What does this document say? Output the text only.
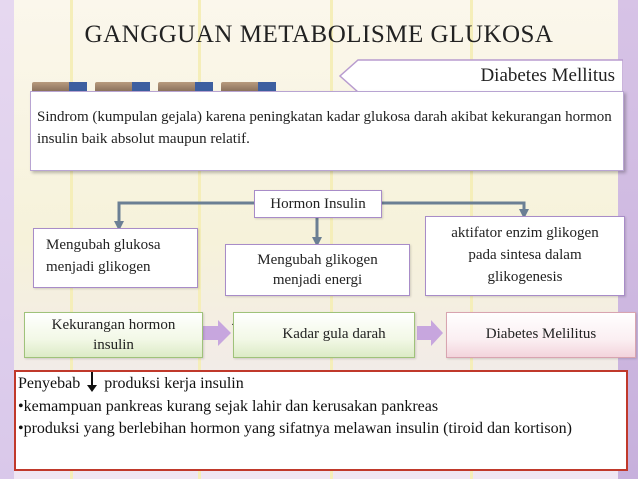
GANGGUAN METABOLISME GLUKOSA
Diabetes Mellitus
Sindrom (kumpulan gejala) karena peningkatan kadar glukosa darah akibat kekurangan hormon insulin baik absolut maupun relatif.
Hormon Insulin
Mengubah glukosa menjadi glikogen	Mengubah glikogen menjadi energi
aktifator enzim glikogen pada sintesa dalam glikogenesis
Kekurangan hormon insulin
Kadar gula darah	Diabetes Melilitus
Penyebab produksi kerja insulin
•kemampuan pankreas kurang sejak lahir dan kerusakan pankreas
•produksi yang berlebihan hormon yang sifatnya melawan insulin (tiroid dan kortison)
